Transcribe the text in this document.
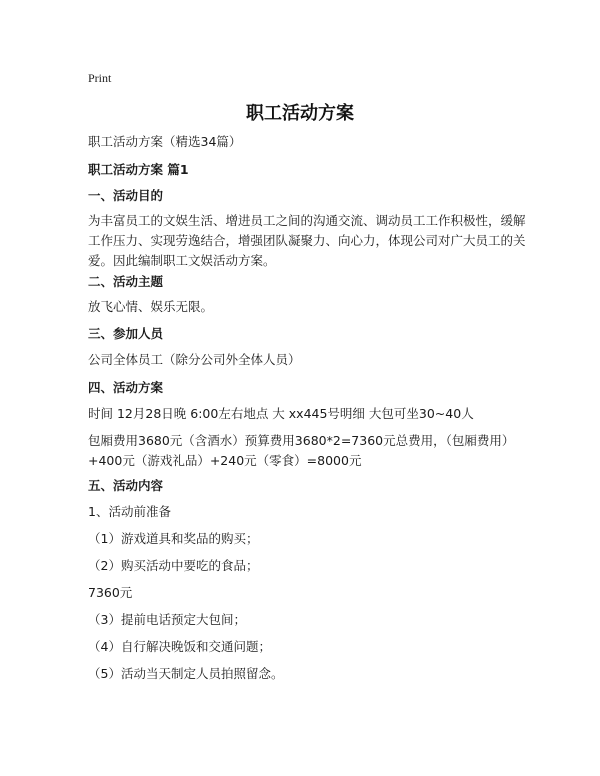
Print
职工活动方案
职工活动方案（精选34篇）
职工活动方案 篇1
一、活动目的
为丰富员工的文娱生活、增进员工之间的沟通交流、调动员工工作积极性，缓解工作压力、实现劳逸结合，增强团队凝聚力、向心力，体现公司对广大员工的关爱。因此编制职工文娱活动方案。
二、活动主题
放飞心情、娱乐无限。
三、参加人员
公司全体员工（除分公司外全体人员）
四、活动方案
时间 12月28日晚 6:00左右地点 大 xx445号明细 大包可坐30~40人
包厢费用3680元（含酒水）预算费用3680*2=7360元总费用，（包厢费用）+400元（游戏礼品）+240元（零食）=8000元
五、活动内容
1、活动前准备
（1）游戏道具和奖品的购买；
（2）购买活动中要吃的食品；
7360元
（3）提前电话预定大包间；
（4）自行解决晚饭和交通问题；
（5）活动当天制定人员拍照留念。
